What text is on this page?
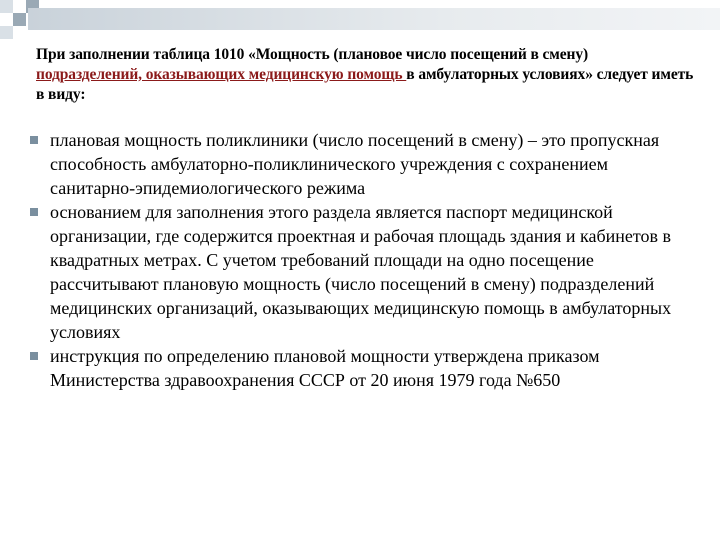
При заполнении таблица 1010 «Мощность (плановое число посещений в смену) подразделений, оказывающих медицинскую помощь в амбулаторных условиях» следует иметь в виду:
плановая мощность поликлиники (число посещений в смену) – это пропускная способность амбулаторно-поликлинического учреждения с сохранением санитарно-эпидемиологического режима
основанием для заполнения этого раздела является паспорт медицинской организации, где содержится проектная и рабочая площадь здания и кабинетов в квадратных метрах. С учетом требований площади на одно посещение рассчитывают плановую мощность (число посещений в смену) подразделений медицинских организаций, оказывающих медицинскую помощь в амбулаторных условиях
инструкция по определению плановой мощности утверждена приказом Министерства здравоохранения СССР от 20 июня 1979 года №650
